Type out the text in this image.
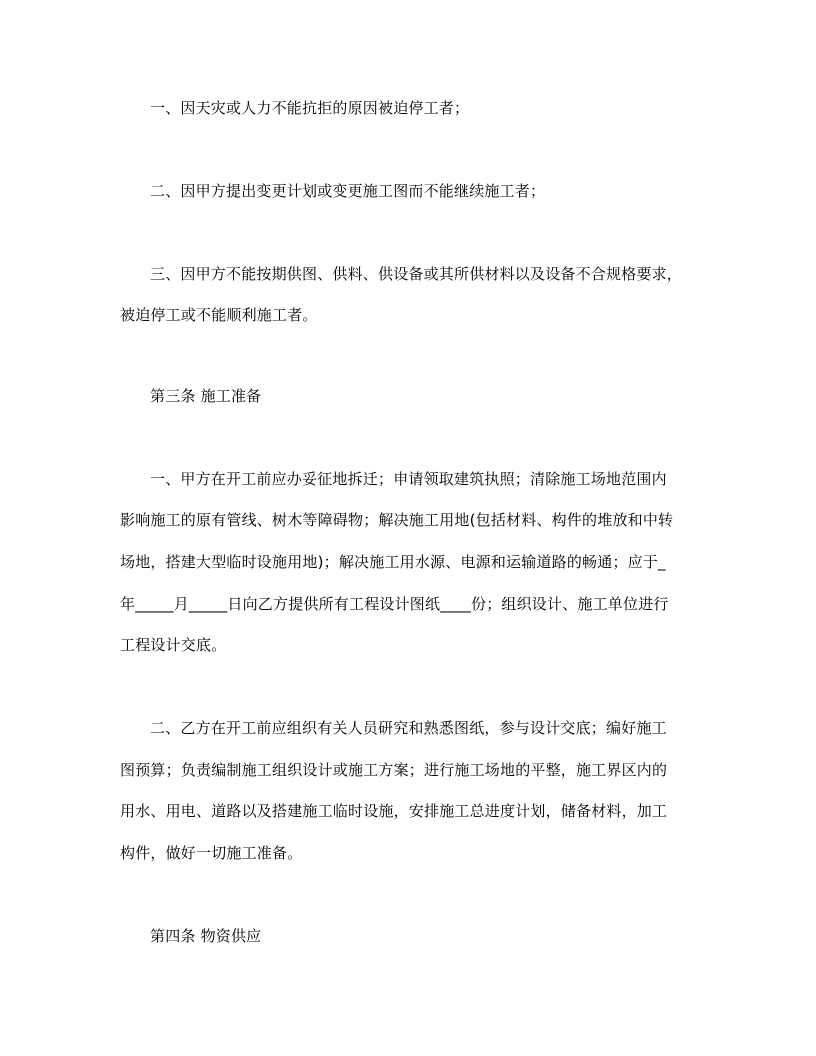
一、因天灾或人力不能抗拒的原因被迫停工者；
二、因甲方提出变更计划或变更施工图而不能继续施工者；
三、因甲方不能按期供图、供料、供设备或其所供材料以及设备不合规格要求，
被迫停工或不能顺利施工者。
第三条 施工准备
一、甲方在开工前应办妥征地拆迁；申请领取建筑执照；清除施工场地范围内
影响施工的原有管线、树木等障碍物；解决施工用地(包括材料、构件的堆放和中转
场地，搭建大型临时设施用地)；解决施工用水源、电源和运输道路的畅通；应于_
年_____月_____日向乙方提供所有工程设计图纸____份；组织设计、施工单位进行
工程设计交底。
二、乙方在开工前应组织有关人员研究和熟悉图纸，参与设计交底；编好施工
图预算；负责编制施工组织设计或施工方案；进行施工场地的平整，施工界区内的
用水、用电、道路以及搭建施工临时设施，安排施工总进度计划，储备材料，加工
构件，做好一切施工准备。
第四条 物资供应
